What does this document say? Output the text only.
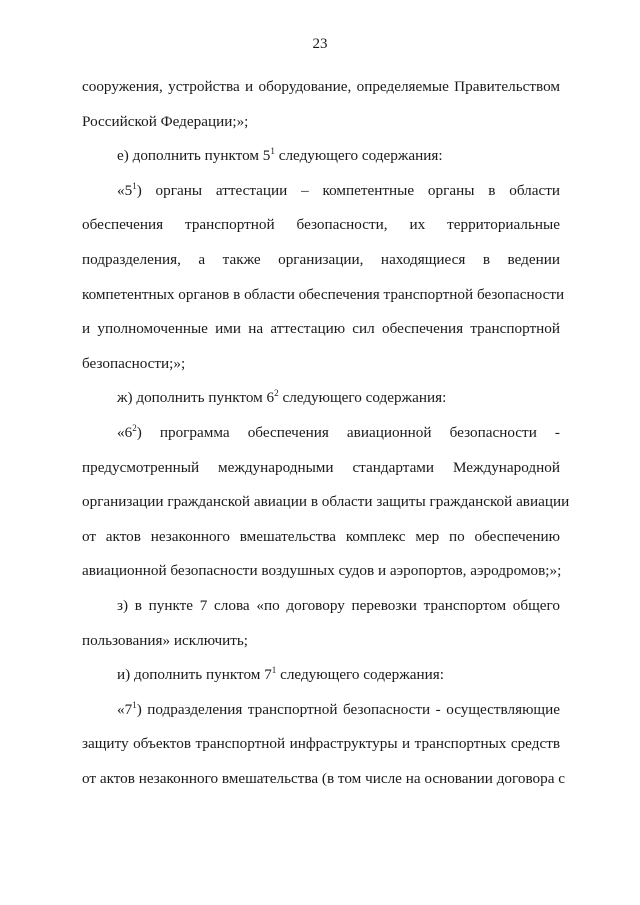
23
сооружения, устройства и оборудование, определяемые Правительством
Российской Федерации;»;
е) дополнить пунктом $5^1$ следующего содержания:
«$5^1$) органы аттестации – компетентные органы в области
обеспечения транспортной безопасности, их территориальные
подразделения, а также организации, находящиеся в ведении
компетентных органов в области обеспечения транспортной безопасности
и уполномоченные ими на аттестацию сил обеспечения транспортной
безопасности;»;
ж) дополнить пунктом $6^2$ следующего содержания:
«$6^2$) программа обеспечения авиационной безопасности -
предусмотренный международными стандартами Международной
организации гражданской авиации в области защиты гражданской авиации
от актов незаконного вмешательства комплекс мер по обеспечению
авиационной безопасности воздушных судов и аэропортов, аэродромов;»;
з) в пункте 7 слова «по договору перевозки транспортом общего
пользования» исключить;
и) дополнить пунктом $7^1$ следующего содержания:
«$7^1$) подразделения транспортной безопасности - осуществляющие
защиту объектов транспортной инфраструктуры и транспортных средств
от актов незаконного вмешательства (в том числе на основании договора с
